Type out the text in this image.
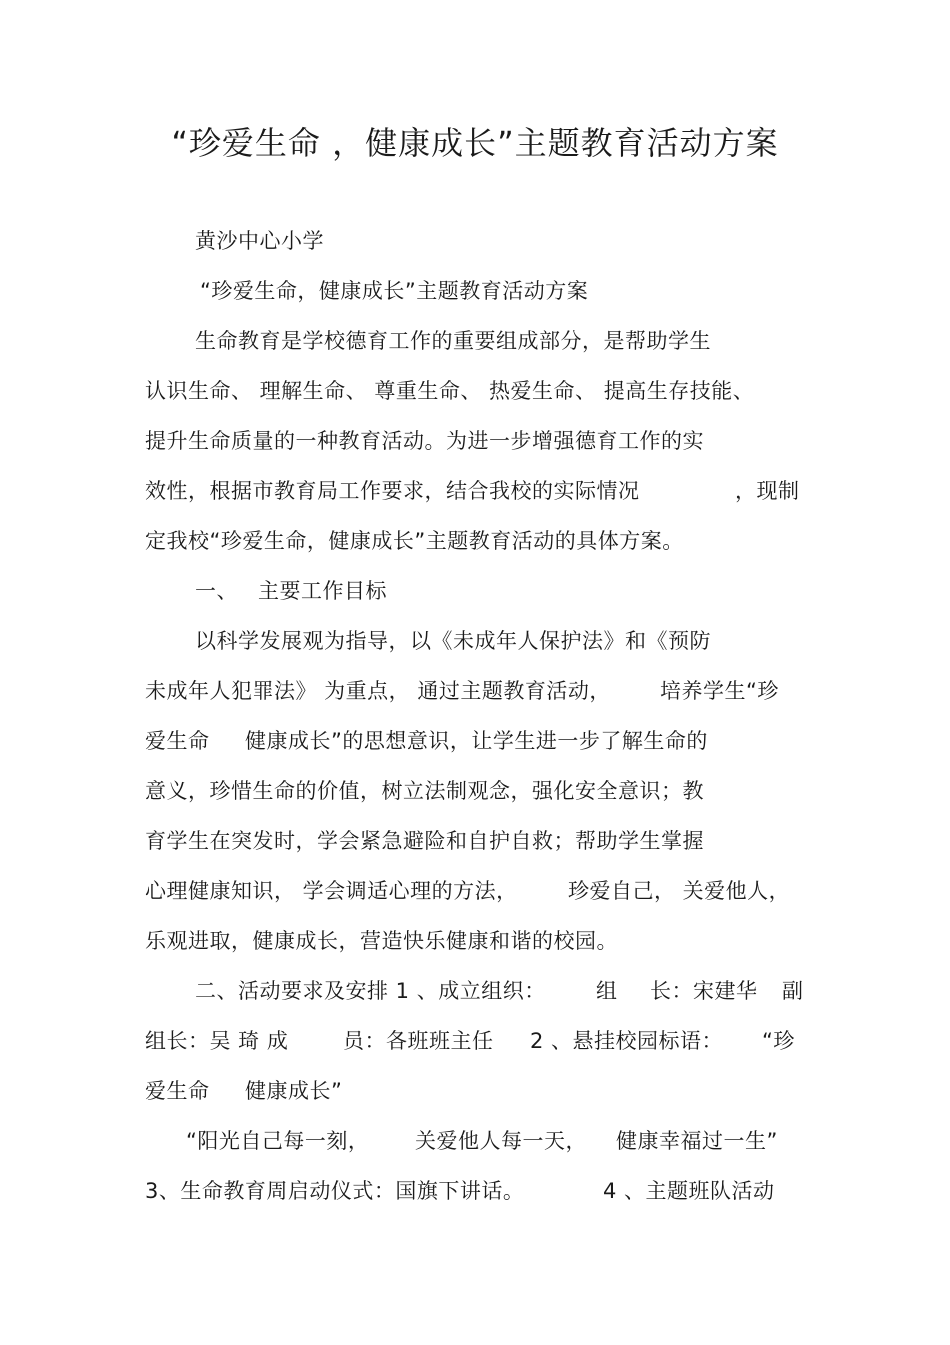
“珍爱生命 ，健康成长”主题教育活动方案
黄沙中心小学
“珍爱生命，健康成长”主题教育活动方案
生命教育是学校德育工作的重要组成部分，是帮助学生
认识生命、 理解生命、 尊重生命、 热爱生命、 提高生存技能、
提升生命质量的一种教育活动。为进一步增强德育工作的实
效性，根据市教育局工作要求，结合我校的实际情况	，现制
定我校“珍爱生命，健康成长”主题教育活动的具体方案。
一、 主要工作目标
以科学发展观为指导，以《未成年人保护法》和《预防
未成年人犯罪法》 为重点， 通过主题教育活动， 培养学生“珍
爱生命 健康成长”的思想意识，让学生进一步了解生命的
意义，珍惜生命的价值，树立法制观念，强化安全意识；教
育学生在突发时，学会紧急避险和自护自救；帮助学生掌握
心理健康知识， 学会调适心理的方法， 珍爱自己， 关爱他人，
乐观进取，健康成长，营造快乐健康和谐的校园。
二、活动要求及安排 1 、成立组织： 组 长：宋建华 副
组长：吴 琦 成	员：各班班主任 2 、悬挂校园标语： “珍
爱生命 健康成长”
“阳光自己每一刻， 关爱他人每一天， 健康幸福过一生”
3、生命教育周启动仪式：国旗下讲话。	4 、主题班队活动
